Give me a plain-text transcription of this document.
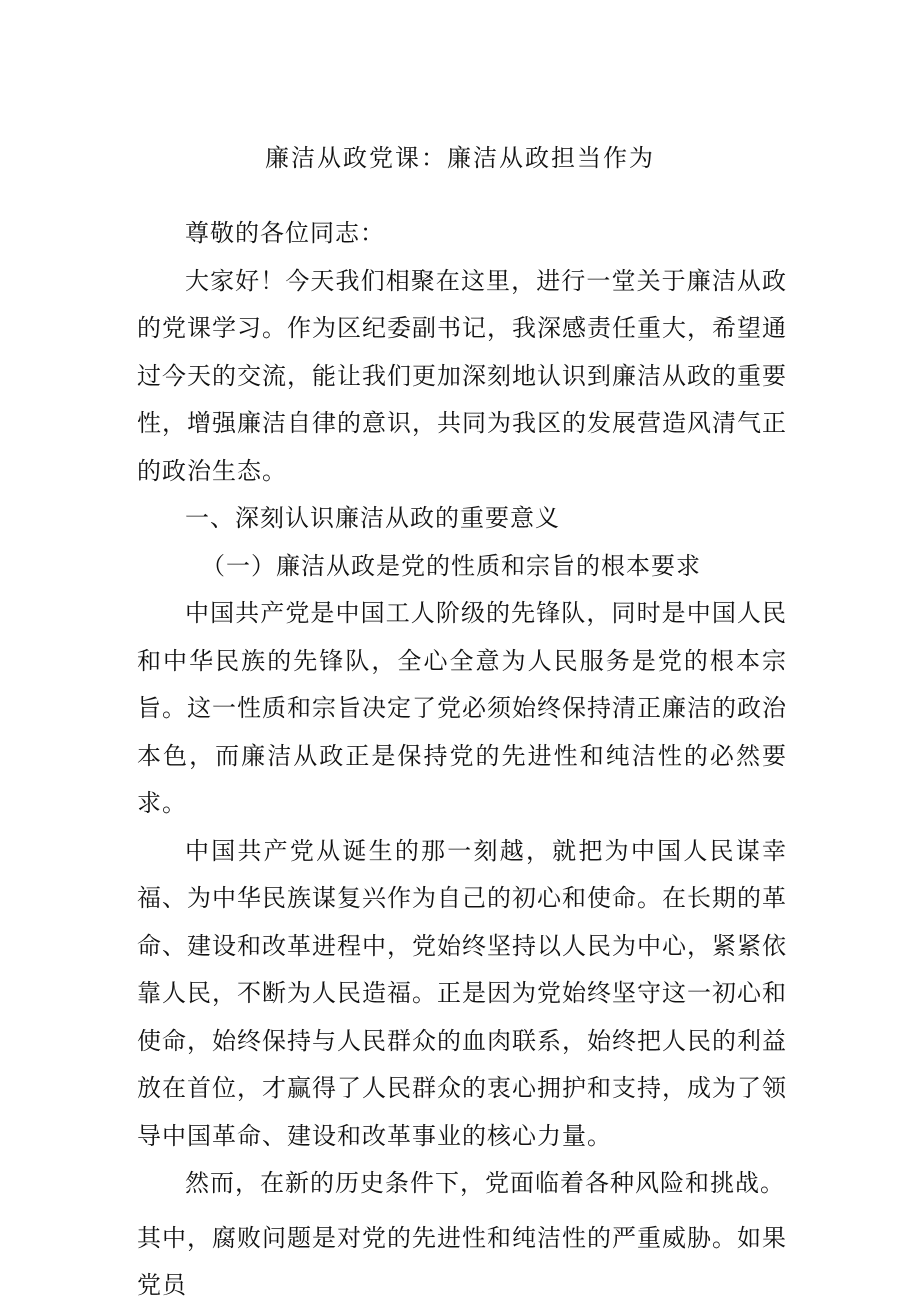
廉洁从政党课：廉洁从政担当作为

尊敬的各位同志：

大家好！今天我们相聚在这里，进行一堂关于廉洁从政的党课学习。作为区纪委副书记，我深感责任重大，希望通过今天的交流，能让我们更加深刻地认识到廉洁从政的重要性，增强廉洁自律的意识，共同为我区的发展营造风清气正的政治生态。

一、深刻认识廉洁从政的重要意义

（一）廉洁从政是党的性质和宗旨的根本要求

中国共产党是中国工人阶级的先锋队，同时是中国人民和中华民族的先锋队，全心全意为人民服务是党的根本宗旨。这一性质和宗旨决定了党必须始终保持清正廉洁的政治本色，而廉洁从政正是保持党的先进性和纯洁性的必然要求。

中国共产党从诞生的那一刻越，就把为中国人民谋幸福、为中华民族谋复兴作为自己的初心和使命。在长期的革命、建设和改革进程中，党始终坚持以人民为中心，紧紧依靠人民，不断为人民造福。正是因为党始终坚守这一初心和使命，始终保持与人民群众的血肉联系，始终把人民的利益放在首位，才赢得了人民群众的衷心拥护和支持，成为了领导中国革命、建设和改革事业的核心力量。

然而，在新的历史条件下，党面临着各种风险和挑战。

其中，腐败问题是对党的先进性和纯洁性的严重威胁。如果党员
